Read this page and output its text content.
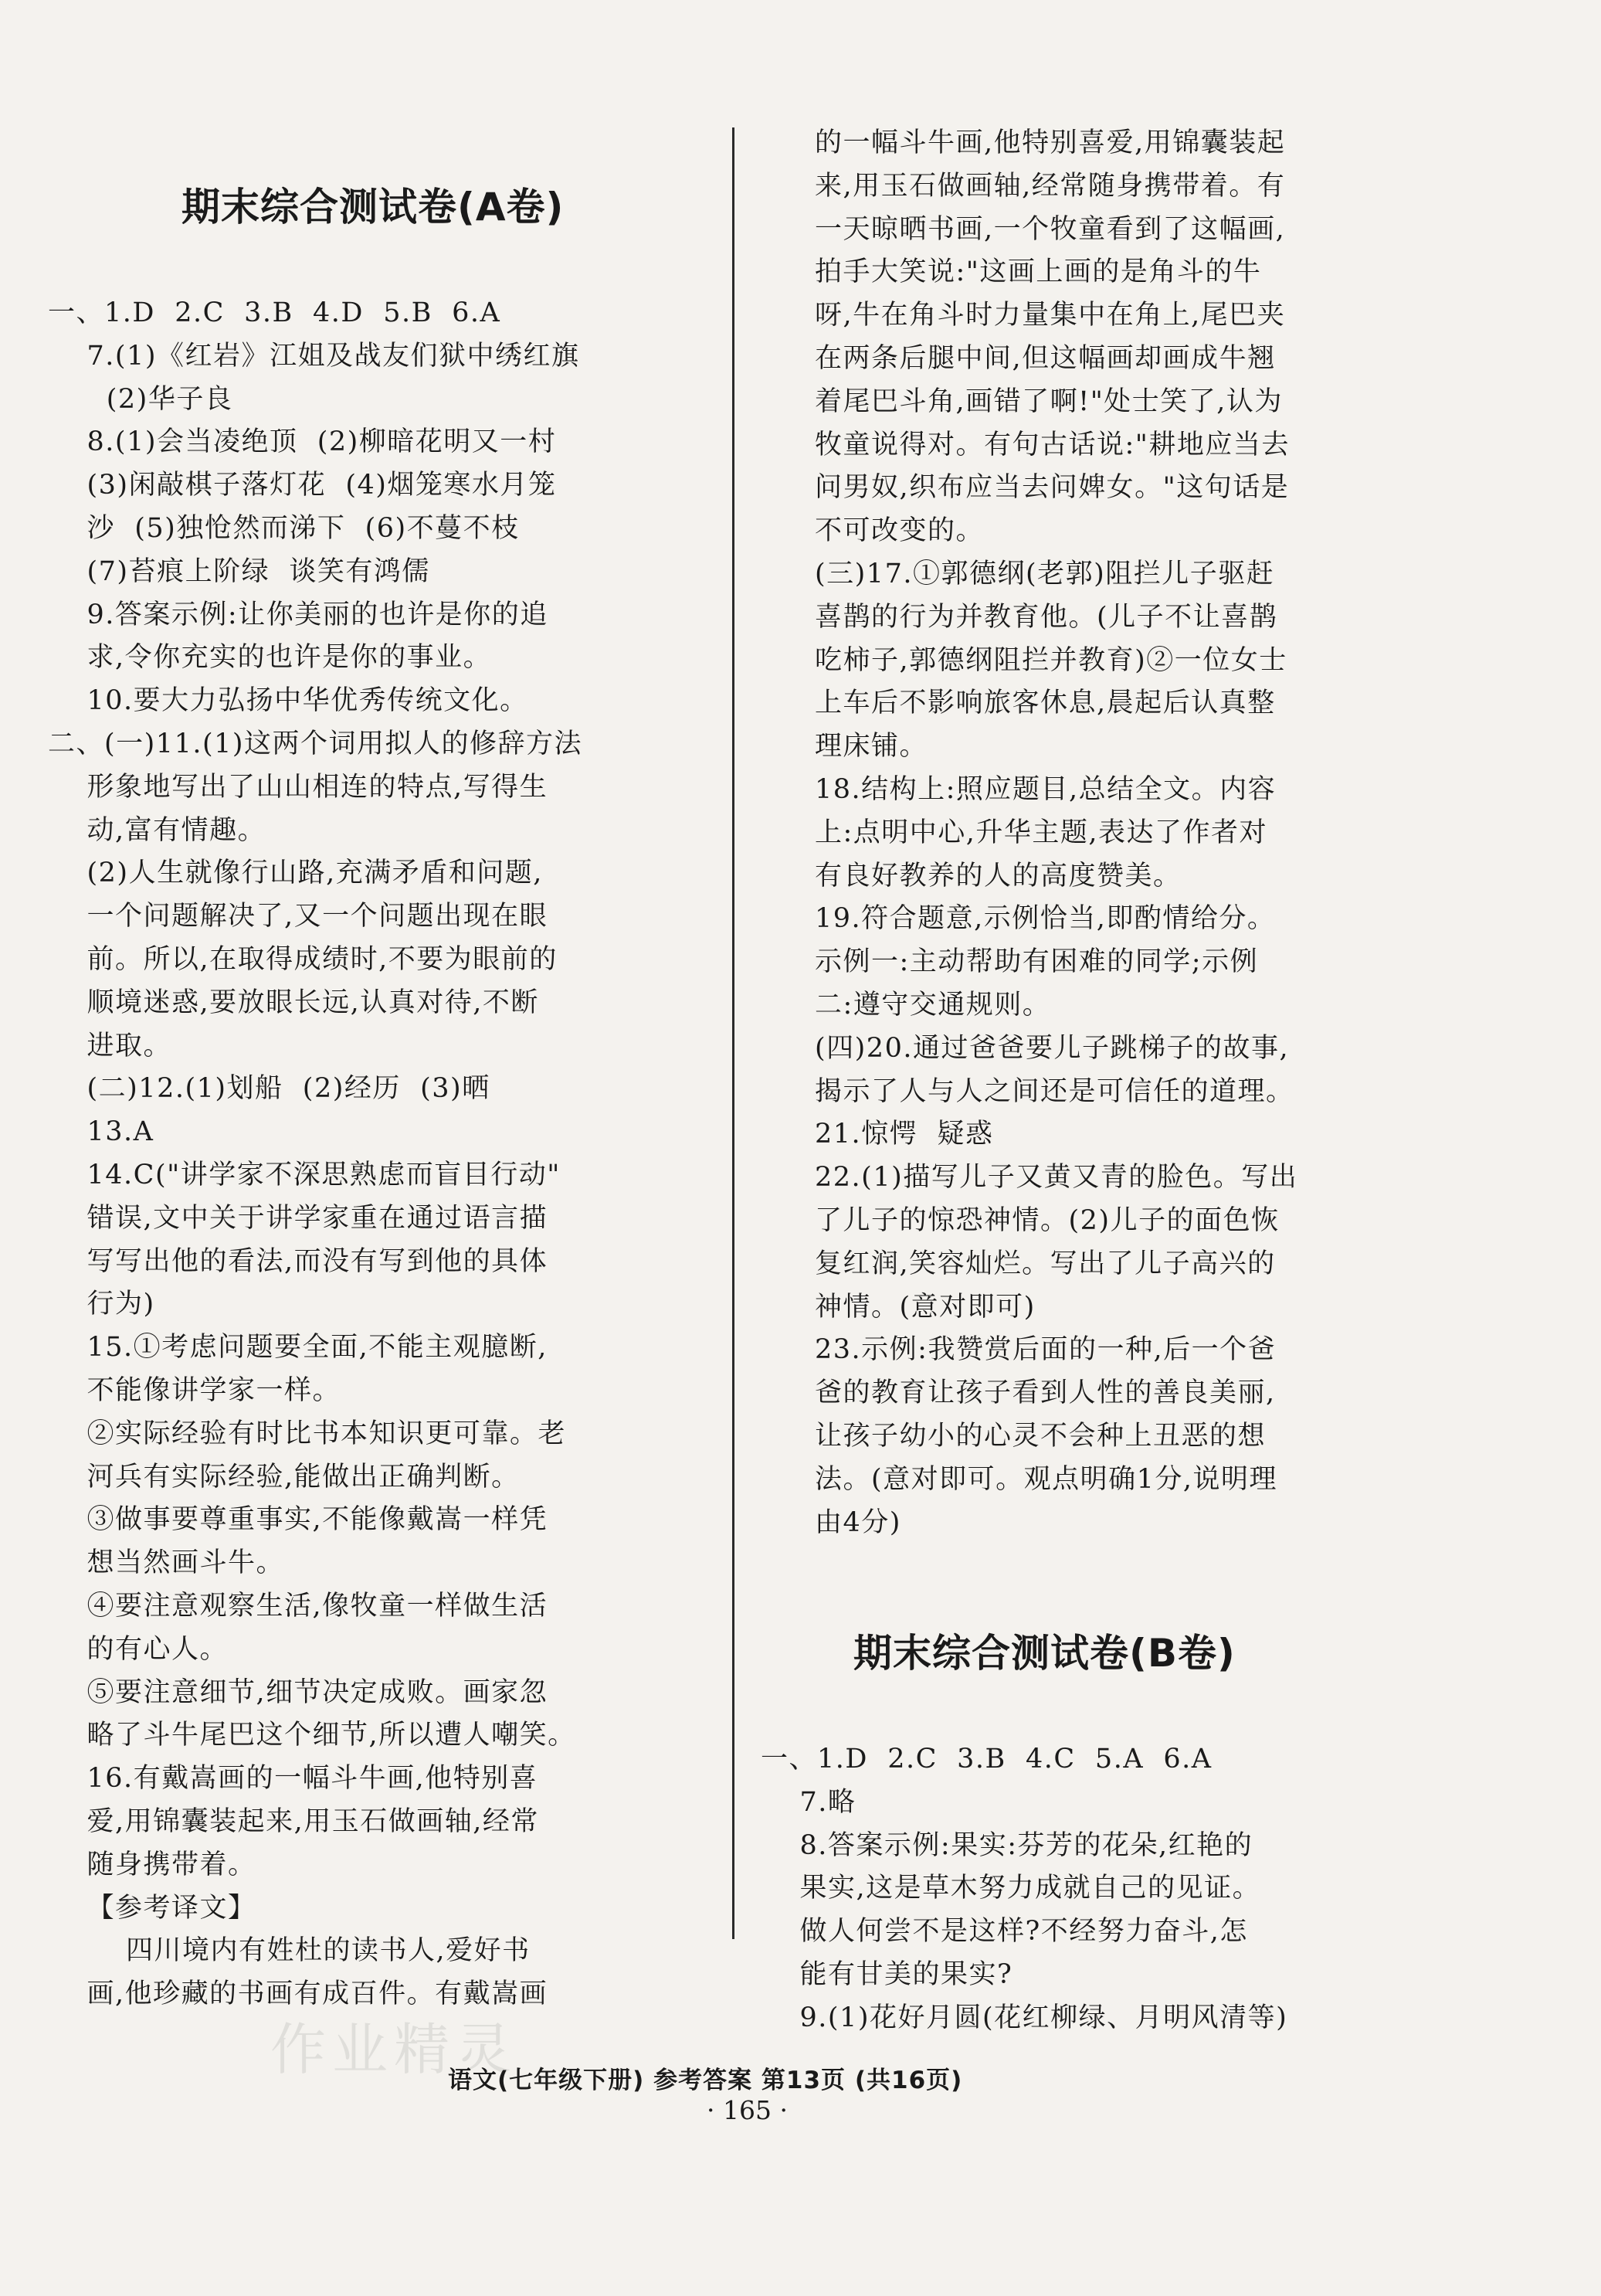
作业精灵
期末综合测试卷(A卷)
一、1.D  2.C  3.B  4.D  5.B  6.A
7.(1)《红岩》江姐及战友们狱中绣红旗
(2)华子良
8.(1)会当凌绝顶  (2)柳暗花明又一村
(3)闲敲棋子落灯花  (4)烟笼寒水月笼
沙  (5)独怆然而涕下  (6)不蔓不枝
(7)苔痕上阶绿  谈笑有鸿儒
9.答案示例:让你美丽的也许是你的追
求,令你充实的也许是你的事业。
10.要大力弘扬中华优秀传统文化。
二、(一)11.(1)这两个词用拟人的修辞方法
形象地写出了山山相连的特点,写得生
动,富有情趣。
(2)人生就像行山路,充满矛盾和问题,
一个问题解决了,又一个问题出现在眼
前。所以,在取得成绩时,不要为眼前的
顺境迷惑,要放眼长远,认真对待,不断
进取。
(二)12.(1)划船  (2)经历  (3)晒
13.A
14.C("讲学家不深思熟虑而盲目行动"
错误,文中关于讲学家重在通过语言描
写写出他的看法,而没有写到他的具体
行为)
15.①考虑问题要全面,不能主观臆断,
不能像讲学家一样。
②实际经验有时比书本知识更可靠。老
河兵有实际经验,能做出正确判断。
③做事要尊重事实,不能像戴嵩一样凭
想当然画斗牛。
④要注意观察生活,像牧童一样做生活
的有心人。
⑤要注意细节,细节决定成败。画家忽
略了斗牛尾巴这个细节,所以遭人嘲笑。
16.有戴嵩画的一幅斗牛画,他特别喜
爱,用锦囊装起来,用玉石做画轴,经常
随身携带着。
【参考译文】
四川境内有姓杜的读书人,爱好书
画,他珍藏的书画有成百件。有戴嵩画
的一幅斗牛画,他特别喜爱,用锦囊装起
来,用玉石做画轴,经常随身携带着。有
一天晾晒书画,一个牧童看到了这幅画,
拍手大笑说:"这画上画的是角斗的牛
呀,牛在角斗时力量集中在角上,尾巴夹
在两条后腿中间,但这幅画却画成牛翘
着尾巴斗角,画错了啊!"处士笑了,认为
牧童说得对。有句古话说:"耕地应当去
问男奴,织布应当去问婢女。"这句话是
不可改变的。
(三)17.①郭德纲(老郭)阻拦儿子驱赶
喜鹊的行为并教育他。(儿子不让喜鹊
吃柿子,郭德纲阻拦并教育)②一位女士
上车后不影响旅客休息,晨起后认真整
理床铺。
18.结构上:照应题目,总结全文。内容
上:点明中心,升华主题,表达了作者对
有良好教养的人的高度赞美。
19.符合题意,示例恰当,即酌情给分。
示例一:主动帮助有困难的同学;示例
二:遵守交通规则。
(四)20.通过爸爸要儿子跳梯子的故事,
揭示了人与人之间还是可信任的道理。
21.惊愕  疑惑
22.(1)描写儿子又黄又青的脸色。写出
了儿子的惊恐神情。(2)儿子的面色恢
复红润,笑容灿烂。写出了儿子高兴的
神情。(意对即可)
23.示例:我赞赏后面的一种,后一个爸
爸的教育让孩子看到人性的善良美丽,
让孩子幼小的心灵不会种上丑恶的想
法。(意对即可。观点明确1分,说明理
由4分)
期末综合测试卷(B卷)
一、1.D  2.C  3.B  4.C  5.A  6.A
7.略
8.答案示例:果实:芬芳的花朵,红艳的
果实,这是草木努力成就自己的见证。
做人何尝不是这样?不经努力奋斗,怎
能有甘美的果实?
9.(1)花好月圆(花红柳绿、月明风清等)
语文(七年级下册) 参考答案 第13页 (共16页)
· 165 ·
